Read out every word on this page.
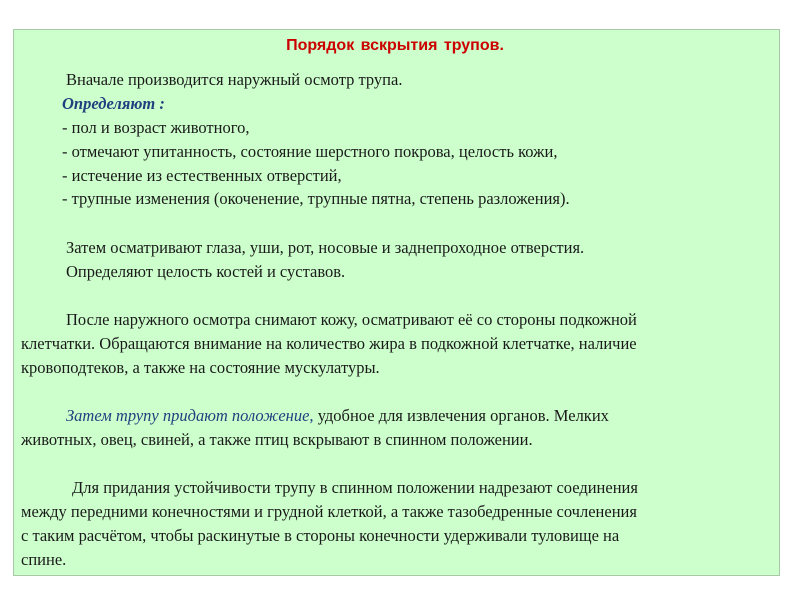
Порядок вскрытия трупов.

Вначале производится наружный осмотр трупа.

Определяют :

- пол и возраст животного,

- отмечают упитанность, состояние шерстного покрова, целость кожи,

- истечение из естественных отверстий,

- трупные изменения (окоченение, трупные пятна, степень разложения).

Затем осматривают глаза, уши, рот, носовые и заднепроходное отверстия.

Определяют целость костей и суставов.

После наружного осмотра снимают кожу, осматривают её со стороны подкожной

клетчатки. Обращаются внимание на количество жира в подкожной клетчатке, наличие

кровоподтеков, а также на состояние мускулатуры.

Затем трупу придают положение, удобное для извлечения органов. Мелких

животных, овец, свиней, а также птиц вскрывают в спинном положении.

Для придания устойчивости трупу в спинном положении надрезают соединения

между передними конечностями и грудной клеткой, а также тазобедренные сочленения

с таким расчётом, чтобы раскинутые в стороны конечности удерживали туловище на

спине.
